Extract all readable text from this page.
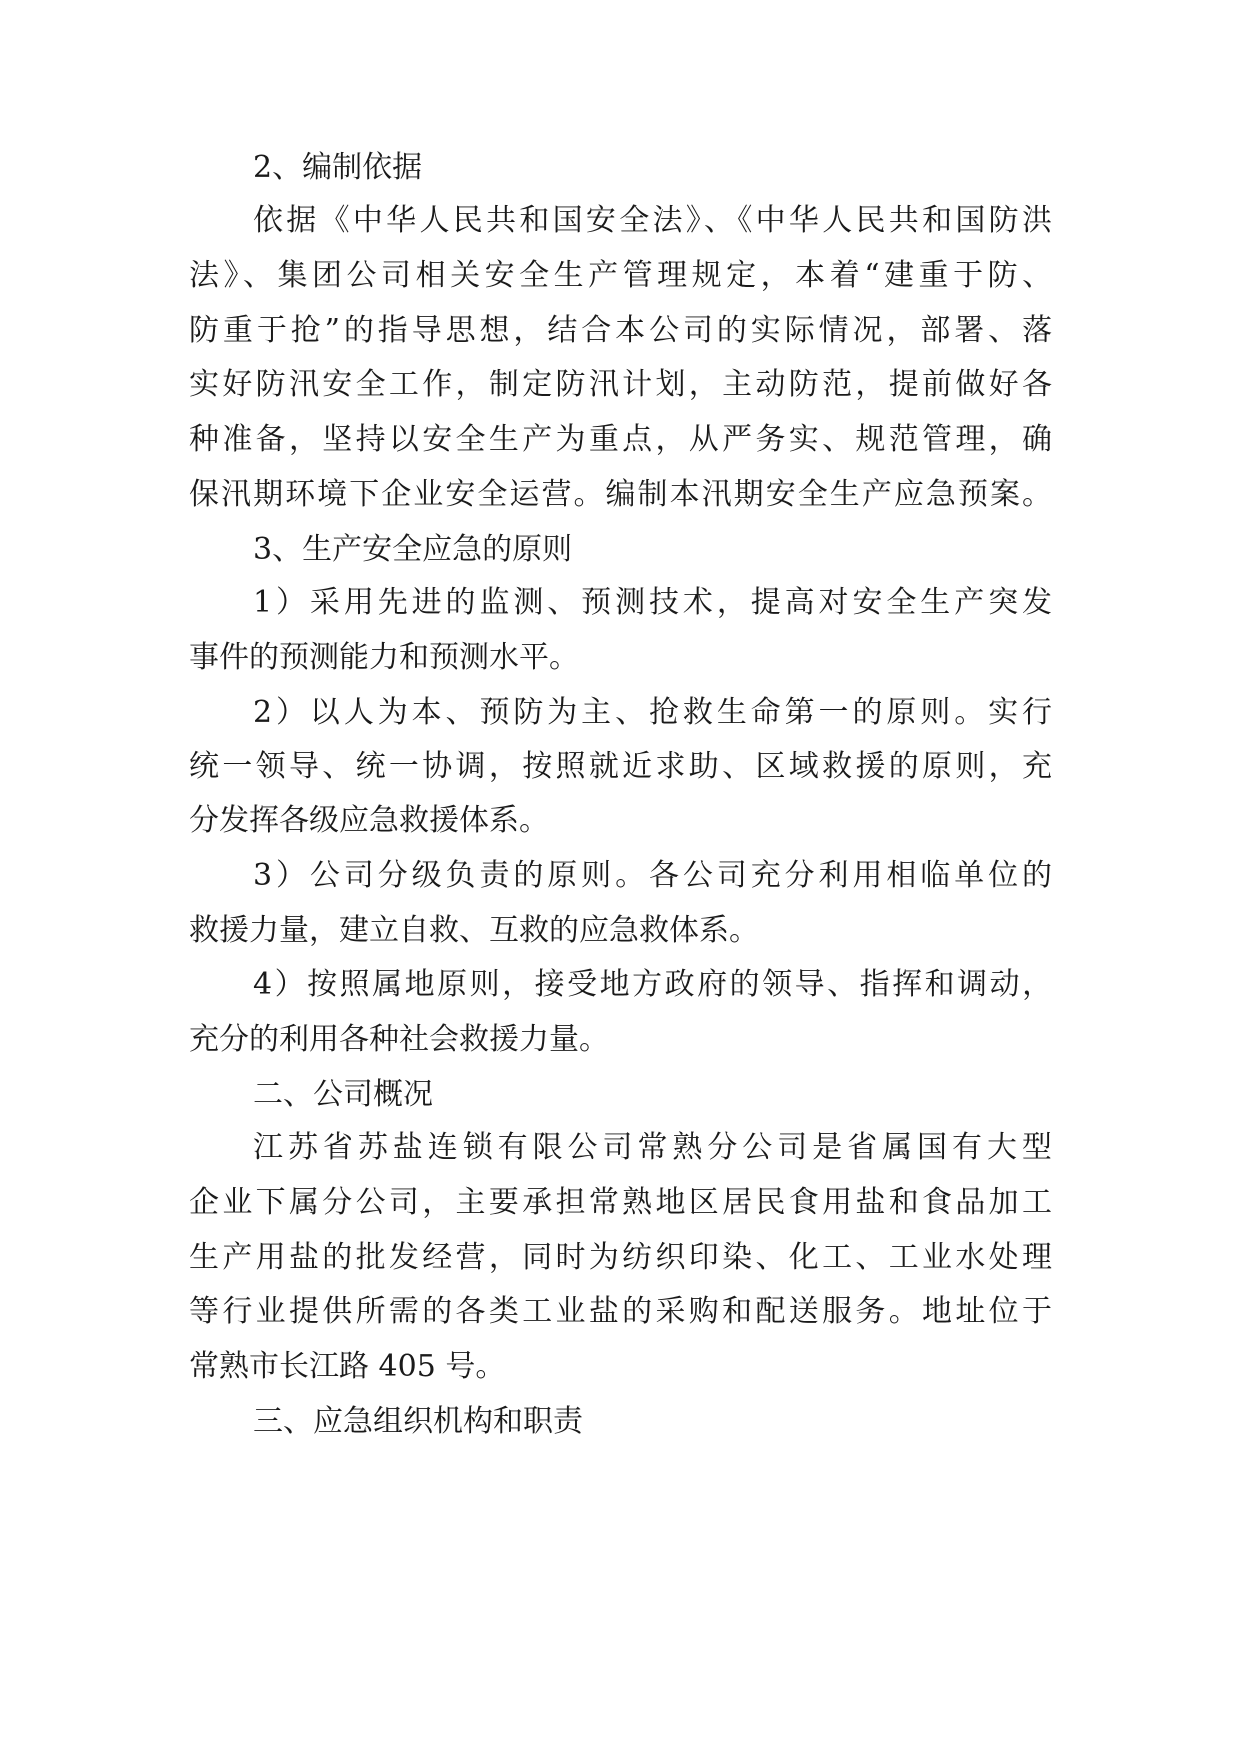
2、编制依据

依据《中华人民共和国安全法》、《中华人民共和国防洪

法》、集团公司相关安全生产管理规定，本着“建重于防、

防重于抢”的指导思想，结合本公司的实际情况，部署、落

实好防汛安全工作，制定防汛计划，主动防范，提前做好各

种准备，坚持以安全生产为重点，从严务实、规范管理，确

保汛期环境下企业安全运营。编制本汛期安全生产应急预案。

3、生产安全应急的原则

1）采用先进的监测、预测技术，提高对安全生产突发

事件的预测能力和预测水平。

2）以人为本、预防为主、抢救生命第一的原则。实行

统一领导、统一协调，按照就近求助、区域救援的原则，充

分发挥各级应急救援体系。

3）公司分级负责的原则。各公司充分利用相临单位的

救援力量，建立自救、互救的应急救体系。

4）按照属地原则，接受地方政府的领导、指挥和调动，

充分的利用各种社会救援力量。

二、公司概况

江苏省苏盐连锁有限公司常熟分公司是省属国有大型

企业下属分公司，主要承担常熟地区居民食用盐和食品加工

生产用盐的批发经营，同时为纺织印染、化工、工业水处理

等行业提供所需的各类工业盐的采购和配送服务。地址位于

常熟市长江路 405 号。

三、应急组织机构和职责
